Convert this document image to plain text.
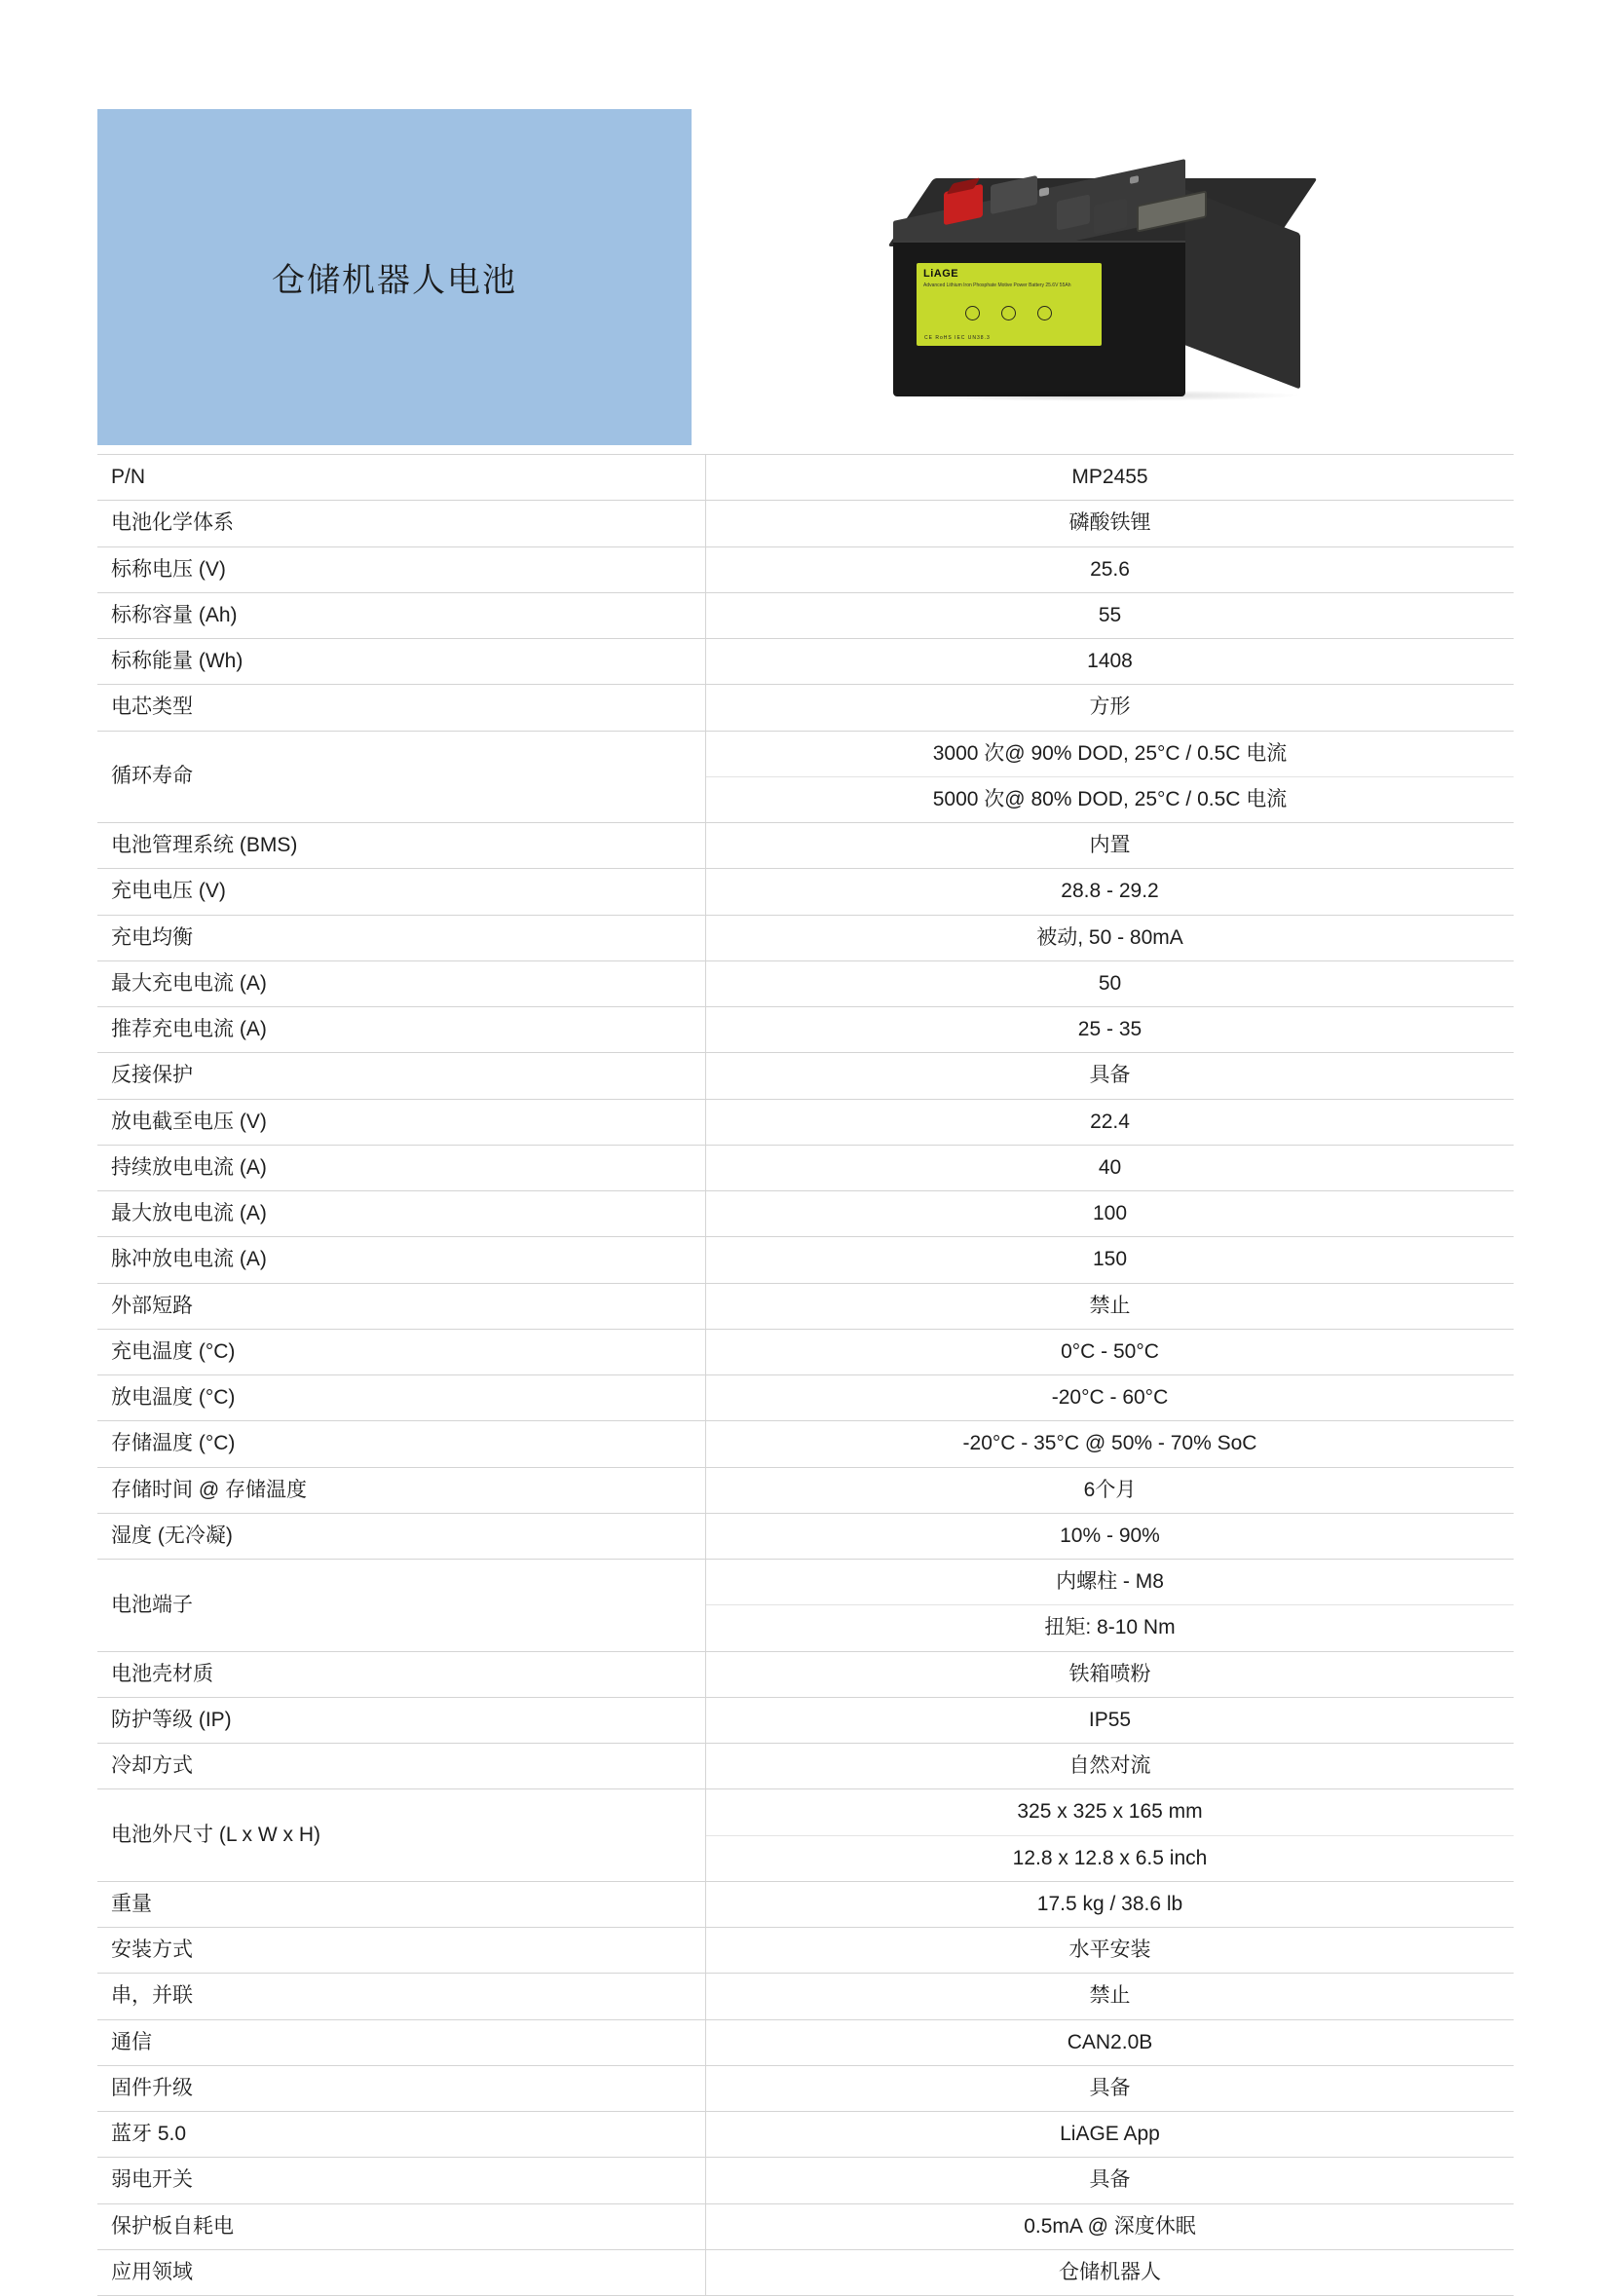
仓储机器人电池	LiAGE
Advanced Lithium Iron Phosphate Motive Power Battery 25.6V 55Ah
CE RoHS IEC UN38.3
P/N	MP2455
电池化学体系	磷酸铁锂
标称电压 (V)	25.6
标称容量 (Ah)	55
标称能量 (Wh)	1408
电芯类型	方形
循环寿命	3000 次@ 90% DOD, 25°C / 0.5C 电流
	5000 次@ 80% DOD, 25°C / 0.5C 电流
电池管理系统 (BMS)	内置
充电电压 (V)	28.8 - 29.2
充电均衡	被动, 50 - 80mA
最大充电电流 (A)	50
推荐充电电流 (A)	25 - 35
反接保护	具备
放电截至电压 (V)	22.4
持续放电电流 (A)	40
最大放电电流 (A)	100
脉冲放电电流 (A)	150
外部短路	禁止
充电温度 (°C)	0°C - 50°C
放电温度 (°C)	-20°C - 60°C
存储温度 (°C)	-20°C - 35°C @ 50% - 70% SoC
存储时间 @ 存储温度	6个月
湿度 (无冷凝)	10% - 90%
电池端子	内螺柱 - M8
	扭矩: 8-10 Nm
电池壳材质	铁箱喷粉
防护等级 (IP)	IP55
冷却方式	自然对流
电池外尺寸 (L x W x H)	325 x 325 x 165 mm
	12.8 x 12.8 x 6.5 inch
重量	17.5 kg / 38.6 lb
安装方式	水平安装
串，并联	禁止
通信	CAN2.0B
固件升级	具备
蓝牙 5.0	LiAGE App
弱电开关	具备
保护板自耗电	0.5mA @ 深度休眠
应用领域	仓储机器人
